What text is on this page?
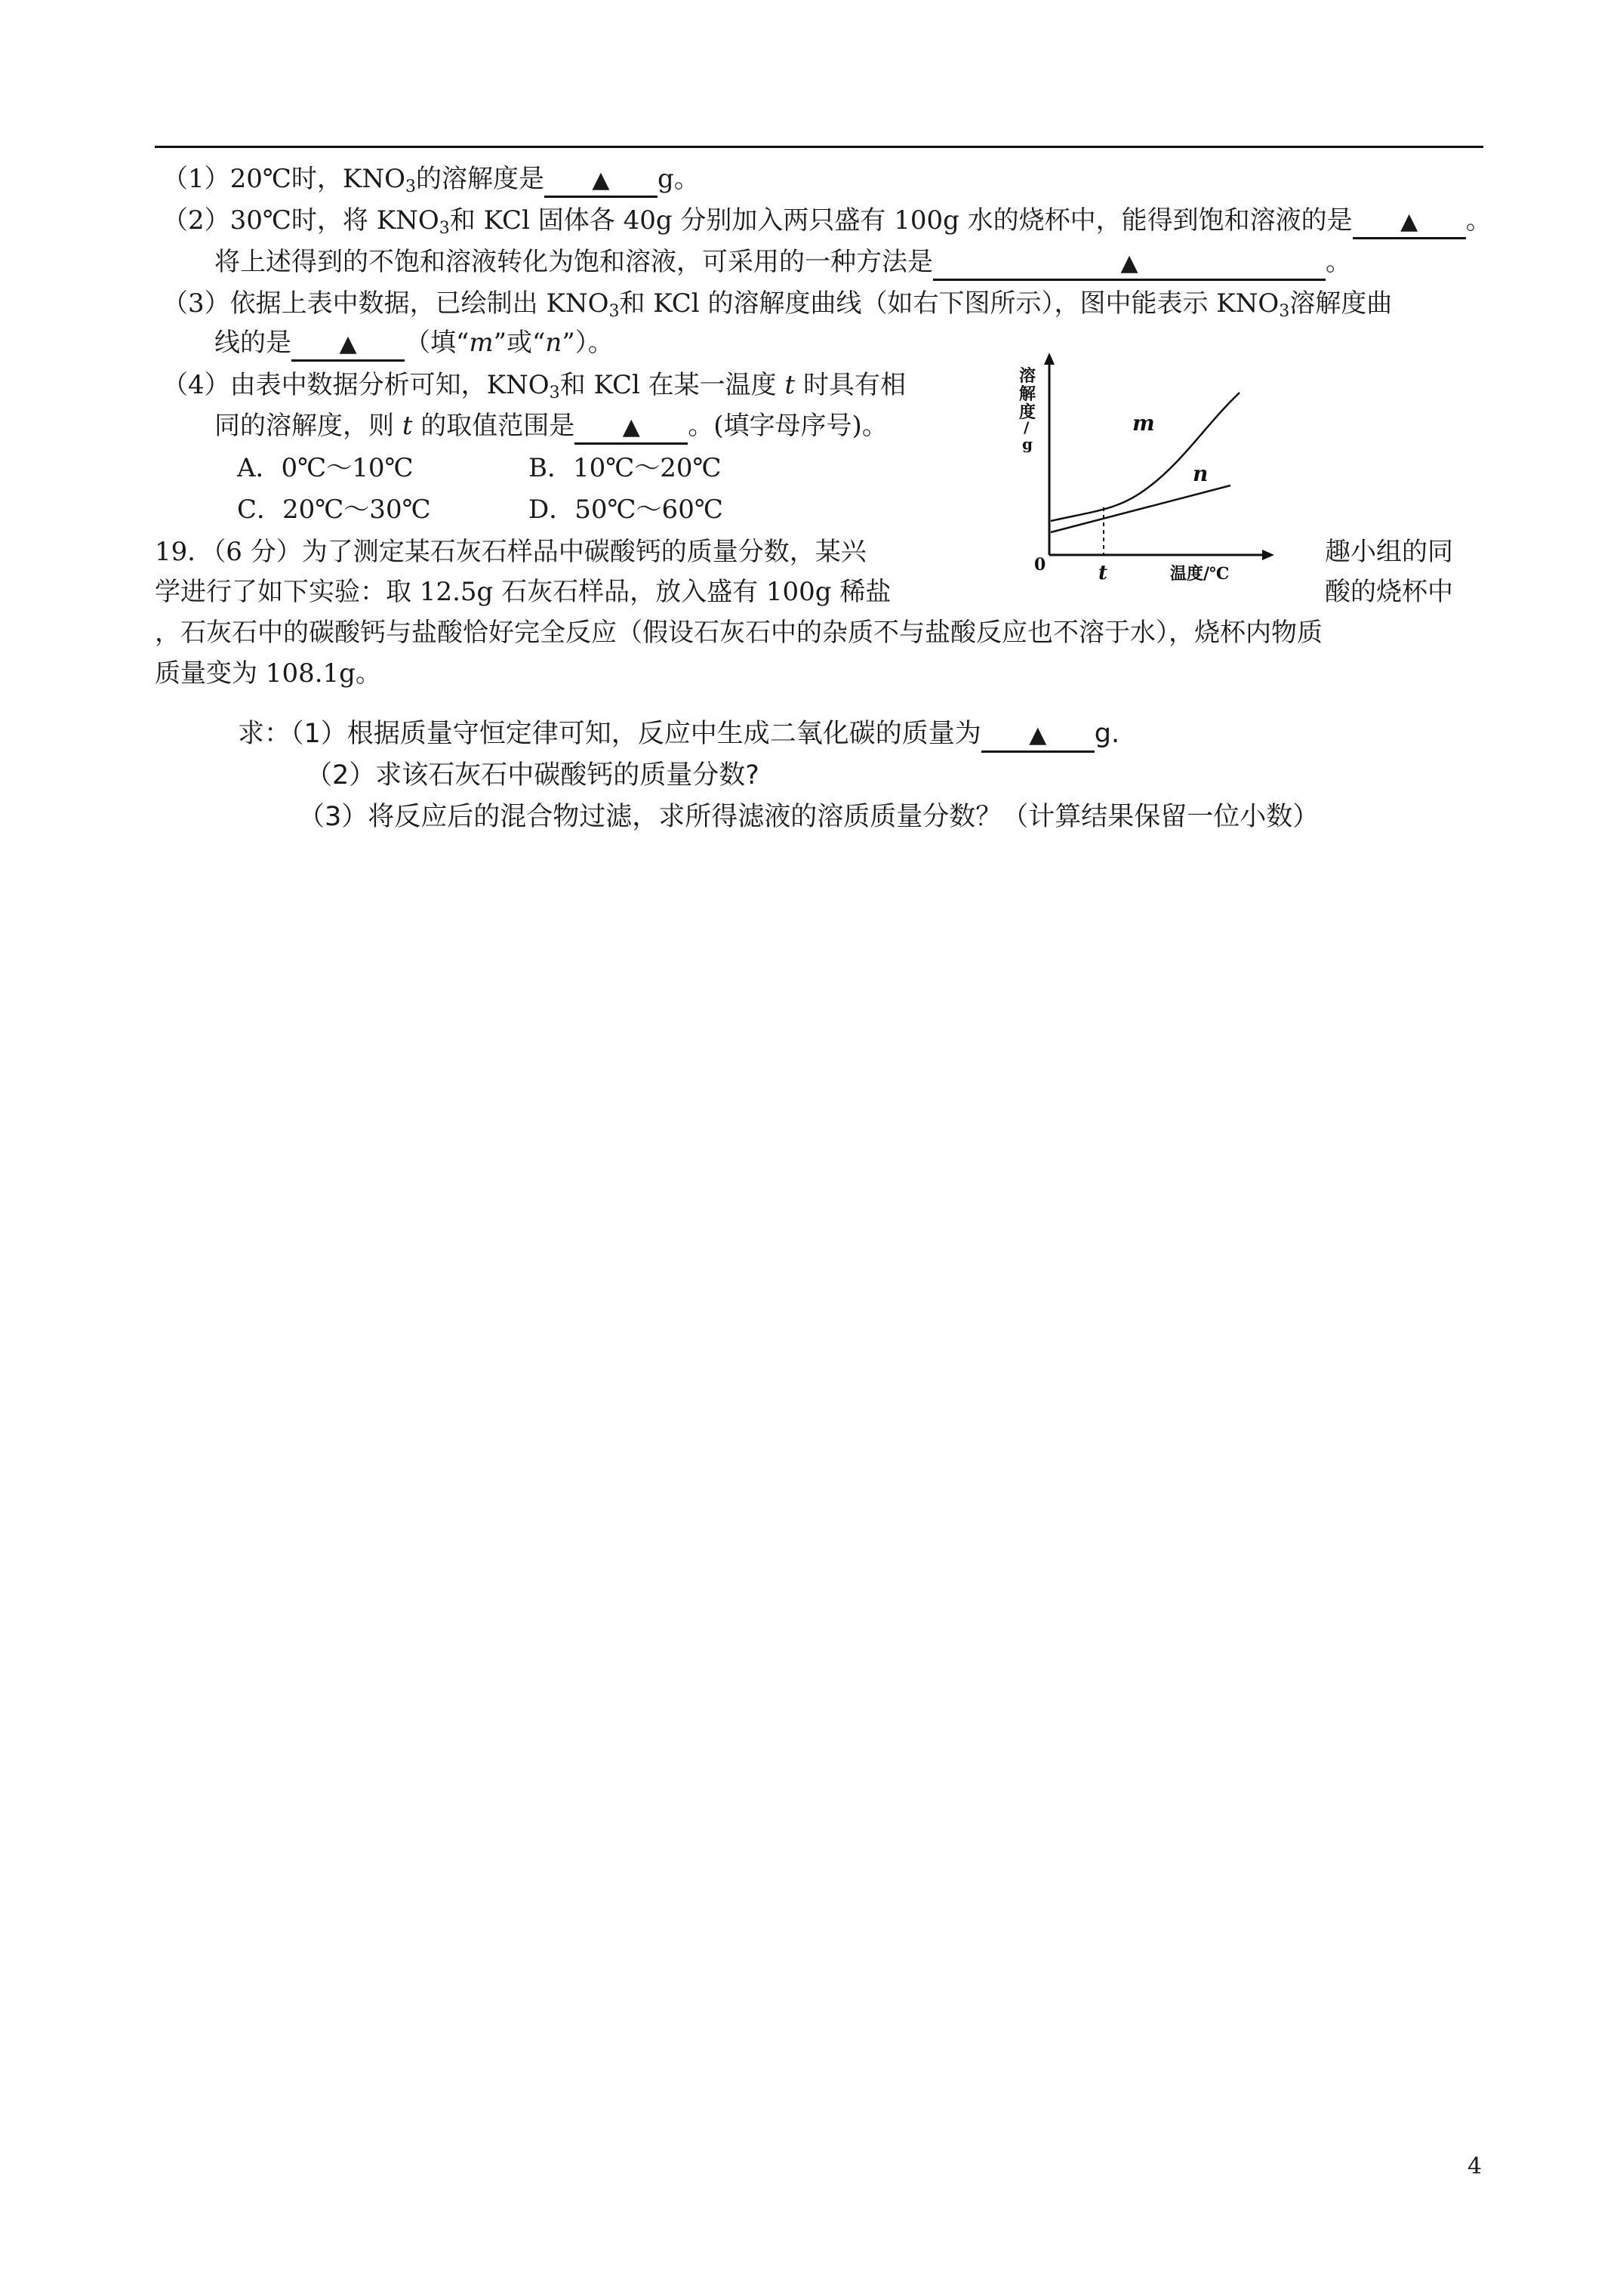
（1）20℃时，$KNO_3$的溶解度是 ▲ g。
（2）30℃时，将 $KNO_3$和 KCl 固体各 40g 分别加入两只盛有 100g 水的烧杯中，能得到饱和溶液的是 ▲ 。
将上述得到的不饱和溶液转化为饱和溶液，可采用的一种方法是	▲	。
（3）依据上表中数据，已绘制出 $KNO_3$和 KCl 的溶解度曲线（如右下图所示），图中能表示 $KNO_3$溶解度曲
线的是 ▲ （填“m”或“n”）。
（4）由表中数据分析可知，$KNO_3$和 KCl 在某一温度 t 时具有相
同的溶解度，则 t 的取值范围是 ▲ 。(填字母序号)。
A．0℃～10℃	B．10℃～20℃
C．20℃～30℃	D．50℃～60℃
19．（6 分）为了测定某石灰石样品中碳酸钙的质量分数，某兴	趣小组的同
学进行了如下实验：取 12.5g 石灰石样品，放入盛有 100g 稀盐	酸的烧杯中
，石灰石中的碳酸钙与盐酸恰好完全反应（假设石灰石中的杂质不与盐酸反应也不溶于水），烧杯内物质
质量变为 108.1g。
求：（1）根据质量守恒定律可知，反应中生成二氧化碳的质量为 ▲ g.
（2）求该石灰石中碳酸钙的质量分数?
（3）将反应后的混合物过滤，求所得滤液的溶质质量分数？（计算结果保留一位小数）
溶
解
度
/
g
m
n
0	t	温度/℃
4
